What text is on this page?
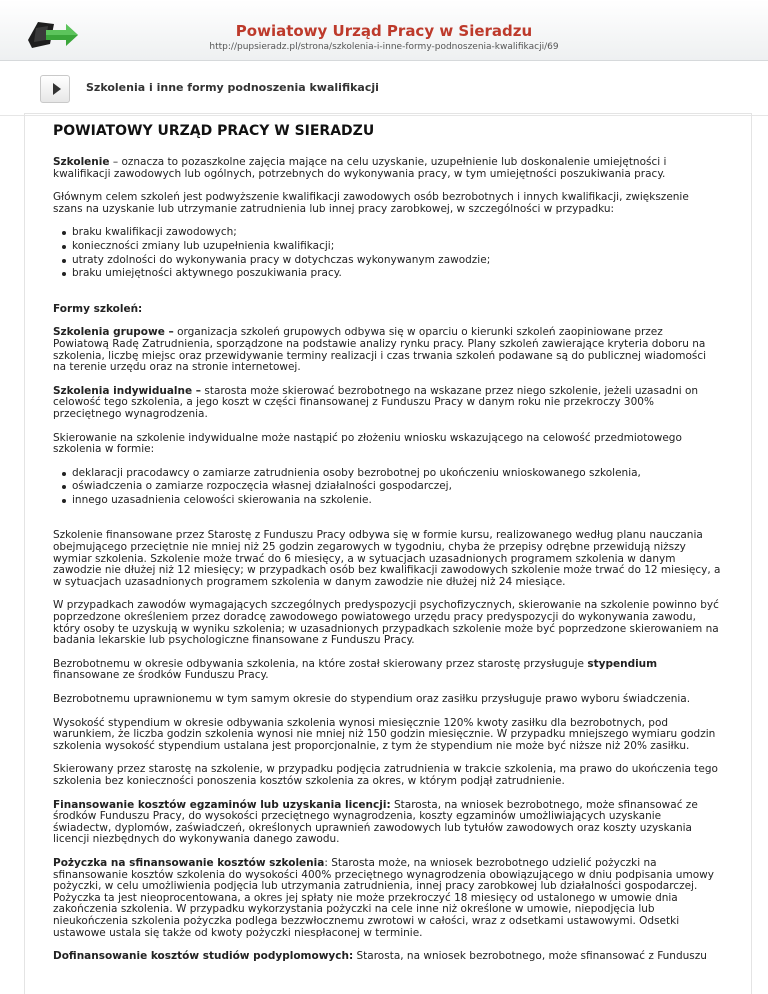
Powiatowy Urząd Pracy w Sieradzu
http://pupsieradz.pl/strona/szkolenia-i-inne-formy-podnoszenia-kwalifikacji/69
Szkolenia i inne formy podnoszenia kwalifikacji
POWIATOWY URZĄD PRACY W SIERADZU

Szkolenie – oznacza to pozaszkolne zajęcia mające na celu uzyskanie, uzupełnienie lub doskonalenie umiejętności i kwalifikacji zawodowych lub ogólnych, potrzebnych do wykonywania pracy, w tym umiejętności poszukiwania pracy.

Głównym celem szkoleń jest podwyższenie kwalifikacji zawodowych osób bezrobotnych i innych kwalifikacji, zwiększenie szans na uzyskanie lub utrzymanie zatrudnienia lub innej pracy zarobkowej, w szczególności w przypadku:

braku kwalifikacji zawodowych;
konieczności zmiany lub uzupełnienia kwalifikacji;
utraty zdolności do wykonywania pracy w dotychczas wykonywanym zawodzie;
braku umiejętności aktywnego poszukiwania pracy.

Formy szkoleń:

Szkolenia grupowe – organizacja szkoleń grupowych odbywa się w oparciu o kierunki szkoleń zaopiniowane przez Powiatową Radę Zatrudnienia, sporządzone na podstawie analizy rynku pracy. Plany szkoleń zawierające kryteria doboru na szkolenia, liczbę miejsc oraz przewidywanie terminy realizacji i czas trwania szkoleń podawane są do publicznej wiadomości na terenie urzędu oraz na stronie internetowej.

Szkolenia indywidualne – starosta może skierować bezrobotnego na wskazane przez niego szkolenie, jeżeli uzasadni on celowość tego szkolenia, a jego koszt w części finansowanej z Funduszu Pracy w danym roku nie przekroczy 300% przeciętnego wynagrodzenia.

Skierowanie na szkolenie indywidualne może nastąpić po złożeniu wniosku wskazującego na celowość przedmiotowego szkolenia w formie:

deklaracji pracodawcy o zamiarze zatrudnienia osoby bezrobotnej po ukończeniu wnioskowanego szkolenia,
oświadczenia o zamiarze rozpoczęcia własnej działalności gospodarczej,
innego uzasadnienia celowości skierowania na szkolenie.

Szkolenie finansowane przez Starostę z Funduszu Pracy odbywa się w formie kursu, realizowanego według planu nauczania obejmującego przeciętnie nie mniej niż 25 godzin zegarowych w tygodniu, chyba że przepisy odrębne przewidują niższy wymiar szkolenia. Szkolenie może trwać do 6 miesięcy, a w sytuacjach uzasadnionych programem szkolenia w danym zawodzie nie dłużej niż 12 miesięcy; w przypadkach osób bez kwalifikacji zawodowych szkolenie może trwać do 12 miesięcy, a w sytuacjach uzasadnionych programem szkolenia w danym zawodzie nie dłużej niż 24 miesiące.

W przypadkach zawodów wymagających szczególnych predyspozycji psychofizycznych, skierowanie na szkolenie powinno być poprzedzone określeniem przez doradcę zawodowego powiatowego urzędu pracy predyspozycji do wykonywania zawodu, który osoby te uzyskują w wyniku szkolenia; w uzasadnionych przypadkach szkolenie może być poprzedzone skierowaniem na badania lekarskie lub psychologiczne finansowane z Funduszu Pracy.

Bezrobotnemu w okresie odbywania szkolenia, na które został skierowany przez starostę przysługuje stypendium finansowane ze środków Funduszu Pracy.

Bezrobotnemu uprawnionemu w tym samym okresie do stypendium oraz zasiłku przysługuje prawo wyboru świadczenia.

Wysokość stypendium w okresie odbywania szkolenia wynosi miesięcznie 120% kwoty zasiłku dla bezrobotnych, pod warunkiem, że liczba godzin szkolenia wynosi nie mniej niż 150 godzin miesięcznie. W przypadku mniejszego wymiaru godzin szkolenia wysokość stypendium ustalana jest proporcjonalnie, z tym że stypendium nie może być niższe niż 20% zasiłku.

Skierowany przez starostę na szkolenie, w przypadku podjęcia zatrudnienia w trakcie szkolenia, ma prawo do ukończenia tego szkolenia bez konieczności ponoszenia kosztów szkolenia za okres, w którym podjął zatrudnienie.

Finansowanie kosztów egzaminów lub uzyskania licencji: Starosta, na wniosek bezrobotnego, może sfinansować ze środków Funduszu Pracy, do wysokości przeciętnego wynagrodzenia, koszty egzaminów umożliwiających uzyskanie świadectw, dyplomów, zaświadczeń, określonych uprawnień zawodowych lub tytułów zawodowych oraz koszty uzyskania licencji niezbędnych do wykonywania danego zawodu.

Pożyczka na sfinansowanie kosztów szkolenia: Starosta może, na wniosek bezrobotnego udzielić pożyczki na sfinansowanie kosztów szkolenia do wysokości 400% przeciętnego wynagrodzenia obowiązującego w dniu podpisania umowy pożyczki, w celu umożliwienia podjęcia lub utrzymania zatrudnienia, innej pracy zarobkowej lub działalności gospodarczej. Pożyczka ta jest nieoprocentowana, a okres jej spłaty nie może przekroczyć 18 miesięcy od ustalonego w umowie dnia zakończenia szkolenia. W przypadku wykorzystania pożyczki na cele inne niż określone w umowie, niepodjęcia lub nieukończenia szkolenia pożyczka podlega bezzwłocznemu zwrotowi w całości, wraz z odsetkami ustawowymi. Odsetki ustawowe ustala się także od kwoty pożyczki niespłaconej w terminie.

Dofinansowanie kosztów studiów podyplomowych: Starosta, na wniosek bezrobotnego, może sfinansować z Funduszu
